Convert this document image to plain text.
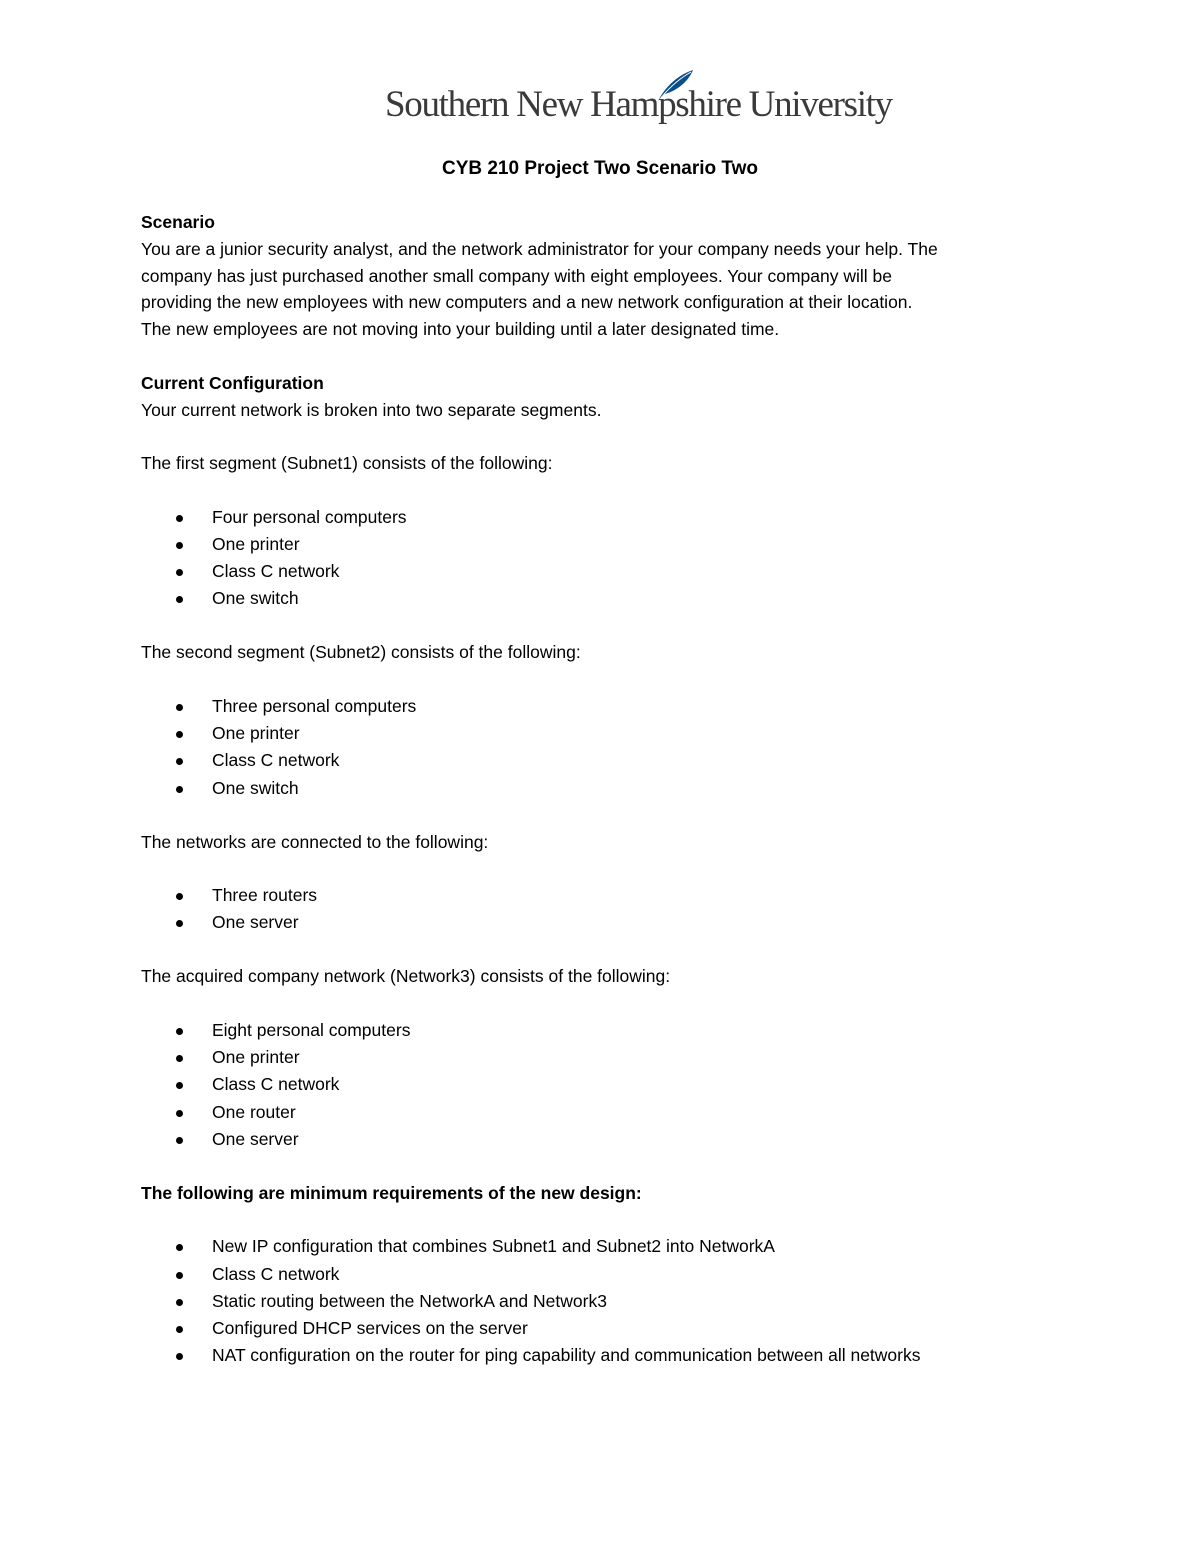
Southern New Hampshire University
CYB 210 Project Two Scenario Two

Scenario

You are a junior security analyst, and the network administrator for your company needs your help. The

company has just purchased another small company with eight employees. Your company will be

providing the new employees with new computers and a new network configuration at their location.

The new employees are not moving into your building until a later designated time.

Current Configuration

Your current network is broken into two separate segments.

The first segment (Subnet1) consists of the following:

Four personal computers
One printer
Class C network
One switch

The second segment (Subnet2) consists of the following:

Three personal computers
One printer
Class C network
One switch

The networks are connected to the following:

Three routers
One server

The acquired company network (Network3) consists of the following:

Eight personal computers
One printer
Class C network
One router
One server

The following are minimum requirements of the new design:

New IP configuration that combines Subnet1 and Subnet2 into NetworkA
Class C network
Static routing between the NetworkA and Network3
Configured DHCP services on the server
NAT configuration on the router for ping capability and communication between all networks
